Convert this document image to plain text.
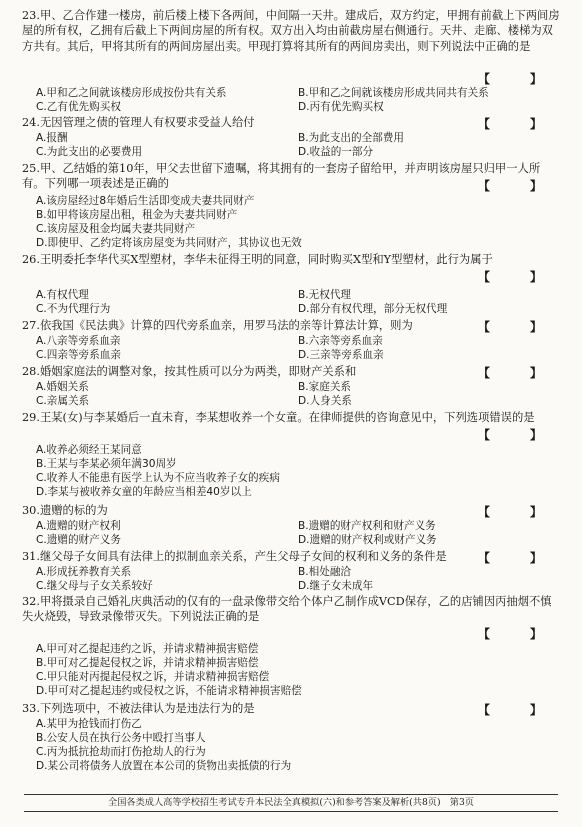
23.甲、乙合作建一楼房，前后楼上楼下各两间，中间隔一天井。建成后，双方约定，甲拥有前截上下两间房屋的所有权，乙拥有后截上下两间房屋的所有权。双方出入均由前截房屋右侧通行。天井、走廊、楼梯为双方共有。其后，甲将其所有的两间房屋出卖。甲现打算将其所有的两间房卖出，则下列说法中正确的是
【 】
A.甲和乙之间就该楼房形成按份共有关系	B.甲和乙之间就该楼房形成共同共有关系
C.乙有优先购买权	D.丙有优先购买权
24.无因管理之债的管理人有权要求受益人给付	【 】
A.报酬	B.为此支出的全部费用
C.为此支出的必要费用	D.收益的一部分
25.甲、乙结婚的第10年，甲父去世留下遗嘱，将其拥有的一套房子留给甲，并声明该房屋只归甲一人所有。下列哪一项表述是正确的	【 】
A.该房屋经过8年婚后生活即变成夫妻共同财产
B.如甲将该房屋出租，租金为夫妻共同财产
C.该房屋及租金均属夫妻共同财产
D.即使甲、乙约定将该房屋变为共同财产，其协议也无效
26.王明委托李华代买X型塑材，李华未征得王明的同意，同时购买X型和Y型塑材，此行为属于
【 】
A.有权代理	B.无权代理
C.不为代理行为	D.部分有权代理，部分无权代理
27.依我国《民法典》计算的四代旁系血亲，用罗马法的亲等计算法计算，则为	【 】
A.八亲等旁系血亲	B.六亲等旁系血亲
C.四亲等旁系血亲	D.三亲等旁系血亲
28.婚姻家庭法的调整对象，按其性质可以分为两类，即财产关系和	【 】
A.婚姻关系	B.家庭关系
C.亲属关系	D.人身关系
29.王某(女)与李某婚后一直未育，李某想收养一个女童。在律师提供的咨询意见中，下列选项错误的是
【 】
A.收养必须经王某同意
B.王某与李某必须年满30周岁
C.收养人不能患有医学上认为不应当收养子女的疾病
D.李某与被收养女童的年龄应当相差40岁以上
30.遗赠的标的为	【 】
A.遗赠的财产权利	B.遗赠的财产权利和财产义务
C.遗赠的财产义务	D.遗赠的财产权利或财产义务
31.继父母子女间具有法律上的拟制血亲关系，产生父母子女间的权利和义务的条件是	【 】
A.形成抚养教育关系	B.相处融洽
C.继父母与子女关系较好	D.继子女未成年
32.甲将摄录自己婚礼庆典活动的仅有的一盘录像带交给个体户乙制作成VCD保存，乙的店铺因丙抽烟不慎失火烧毁，导致录像带灭失。下列说法正确的是
【 】
A.甲可对乙提起违约之诉，并请求精神损害赔偿
B.甲可对乙提起侵权之诉，并请求精神损害赔偿
C.甲只能对丙提起侵权之诉，并请求精神损害赔偿
D.甲可对乙提起违约或侵权之诉，不能请求精神损害赔偿
33.下列选项中，不被法律认为是违法行为的是	【 】
A.某甲为抢钱而打伤乙
B.公安人员在执行公务中殴打当事人
C.丙为抵抗抢劫而打伤抢劫人的行为
D.某公司将债务人放置在本公司的货物出卖抵债的行为
全国各类成人高等学校招生考试专升本民法全真模拟(六)和参考答案及解析(共8页)　第3页
